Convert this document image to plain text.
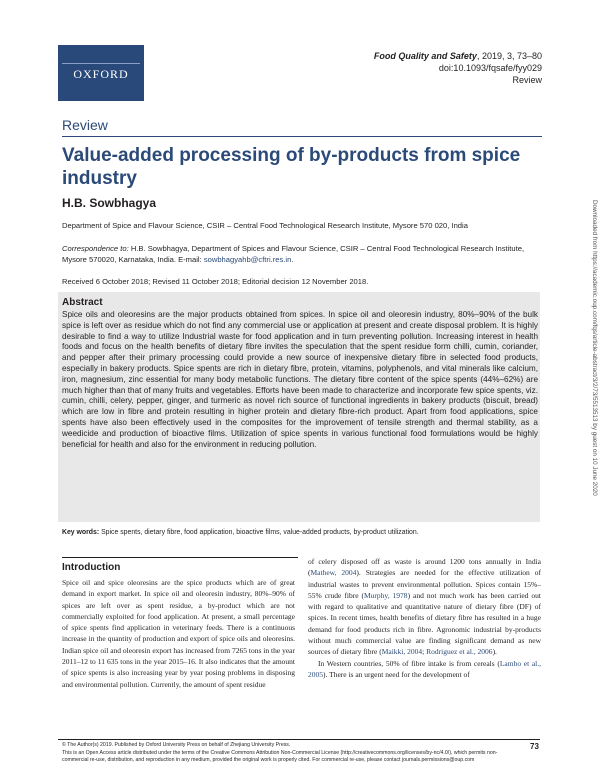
OXFORD
Food Quality and Safety, 2019, 3, 73–80
doi:10.1093/fqsafe/fyy029
Review
Review
Value-added processing of by-products from spice industry
H.B. Sowbhagya
Department of Spice and Flavour Science, CSIR – Central Food Technological Research Institute, Mysore 570 020, India
Correspondence to: H.B. Sowbhagya, Department of Spices and Flavour Science, CSIR – Central Food Technological Research Institute, Mysore 570020, Karnataka, India. E-mail: sowbhagyahb@cftri.res.in.
Received 6 October 2018; Revised 11 October 2018; Editorial decision 12 November 2018.
Abstract

Spice oils and oleoresins are the major products obtained from spices. In spice oil and oleoresin industry, 80%–90% of the bulk spice is left over as residue which do not find any commercial use or application at present and create disposal problem. It is highly desirable to find a way to utilize Industrial waste for food application and in turn preventing pollution. Increasing interest in health foods and focus on the health benefits of dietary fibre invites the speculation that the spent residue form chilli, cumin, coriander, and pepper after their primary processing could provide a new source of inexpensive dietary fibre in selected food products, especially in bakery products. Spice spents are rich in dietary fibre, protein, vitamins, polyphenols, and vital minerals like calcium, iron, magnesium, zinc essential for many body metabolic functions. The dietary fibre content of the spice spents (44%–62%) are much higher than that of many fruits and vegetables. Efforts have been made to characterize and incorporate few spice spents, viz. cumin, chilli, celery, pepper, ginger, and turmeric as novel rich source of functional ingredients in bakery products (biscuit, bread) which are low in fibre and protein resulting in higher protein and dietary fibre-rich product. Apart from food applications, spice spents have also been effectively used in the composites for the improvement of tensile strength and thermal stability, as a weedicide and production of bioactive films. Utilization of spice spents in various functional food formulations would be highly beneficial for health and also for the environment in reducing pollution.

Key words: Spice spents, dietary fibre, food application, bioactive films, value-added products, by-product utilization.
Introduction

Spice oil and spice oleoresins are the spice products which are of great demand in export market. In spice oil and oleoresin industry, 80%–90% of spices are left over as spent residue, a by-product which are not commercially exploited for food application. At present, a small percentage of spice spents find application in veterinary feeds. There is a continuous increase in the quantity of production and export of spice oils and oleoresins. Indian spice oil and oleoresin export has increased from 7265 tons in the year 2011–12 to 11 635 tons in the year 2015–16. It also indicates that the amount of spice spents is also increasing year by year posing problems in disposing and environmental pollution. Currently, the amount of spent residue

of celery disposed off as waste is around 1200 tons annually in India (Mathew, 2004). Strategies are needed for the effective utilization of industrial wastes to prevent environmental pollution. Spices contain 15%–55% crude fibre (Murphy, 1978) and not much work has been carried out with regard to qualitative and quantitative nature of dietary fibre (DF) of spices. In recent times, health benefits of dietary fibre has resulted in a huge demand for food products rich in fibre. Agronomic industrial by-products without much commercial value are finding significant demand as new sources of dietary fibre (Maikki, 2004; Rodriguez et al., 2006).

In Western countries, 50% of fibre intake is from cereals (Lambo et al., 2005). There is an urgent need for the development of

© The Author(s) 2019. Published by Oxford University Press on behalf of Zhejiang University Press.
This is an Open Access article distributed under the terms of the Creative Commons Attribution Non-Commercial License (http://creativecommons.org/licenses/by-nc/4.0/), which permits non-commercial re-use, distribution, and reproduction in any medium, provided the original work is properly cited. For commercial re-use, please contact journals.permissions@oup.com
73
Downloaded from https://academic.oup.com/fqs/article-abstract/3/2/73/5513513 by guest on 10 June 2020
